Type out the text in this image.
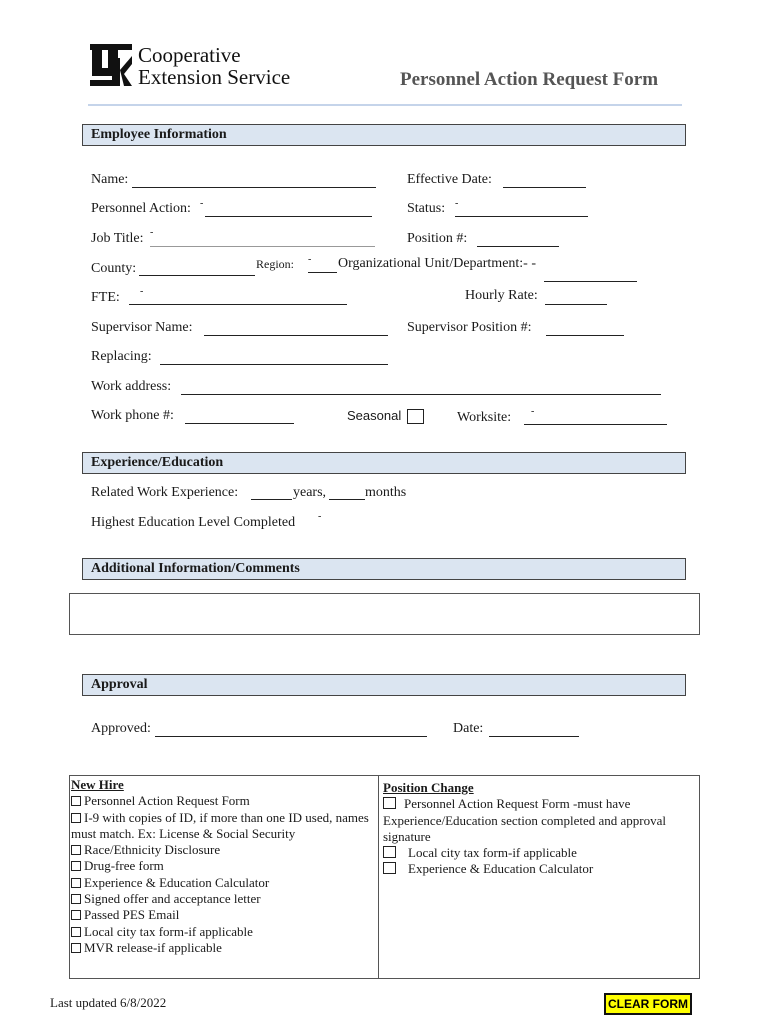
Cooperative
Extension Service	Personnel Action Request Form
Employee Information
Name:	Effective Date:
Personnel Action: -	Status: -
Job Title: -	Position #:
County:	Region: - Organizational Unit/Department:- -
FTE: -	Hourly Rate:
Supervisor Name:	Supervisor Position #:
Replacing:
Work address:
Work phone #:	Seasonal	Worksite: -
Experience/Education
Related Work Experience:	years,	months
Highest Education Level Completed -
Additional Information/Comments
Approval
Approved:	Date:
New Hire
Personnel Action Request Form
I-9 with copies of ID, if more than one ID used, names must match. Ex: License & Social Security
Race/Ethnicity Disclosure
Drug-free form
Experience & Education Calculator
Signed offer and acceptance letter
Passed PES Email
Local city tax form-if applicable
MVR release-if applicable
Position Change
Personnel Action Request Form -must have Experience/Education section completed and approval signature
Local city tax form-if applicable
Experience & Education Calculator
Last updated 6/8/2022	CLEAR FORM
